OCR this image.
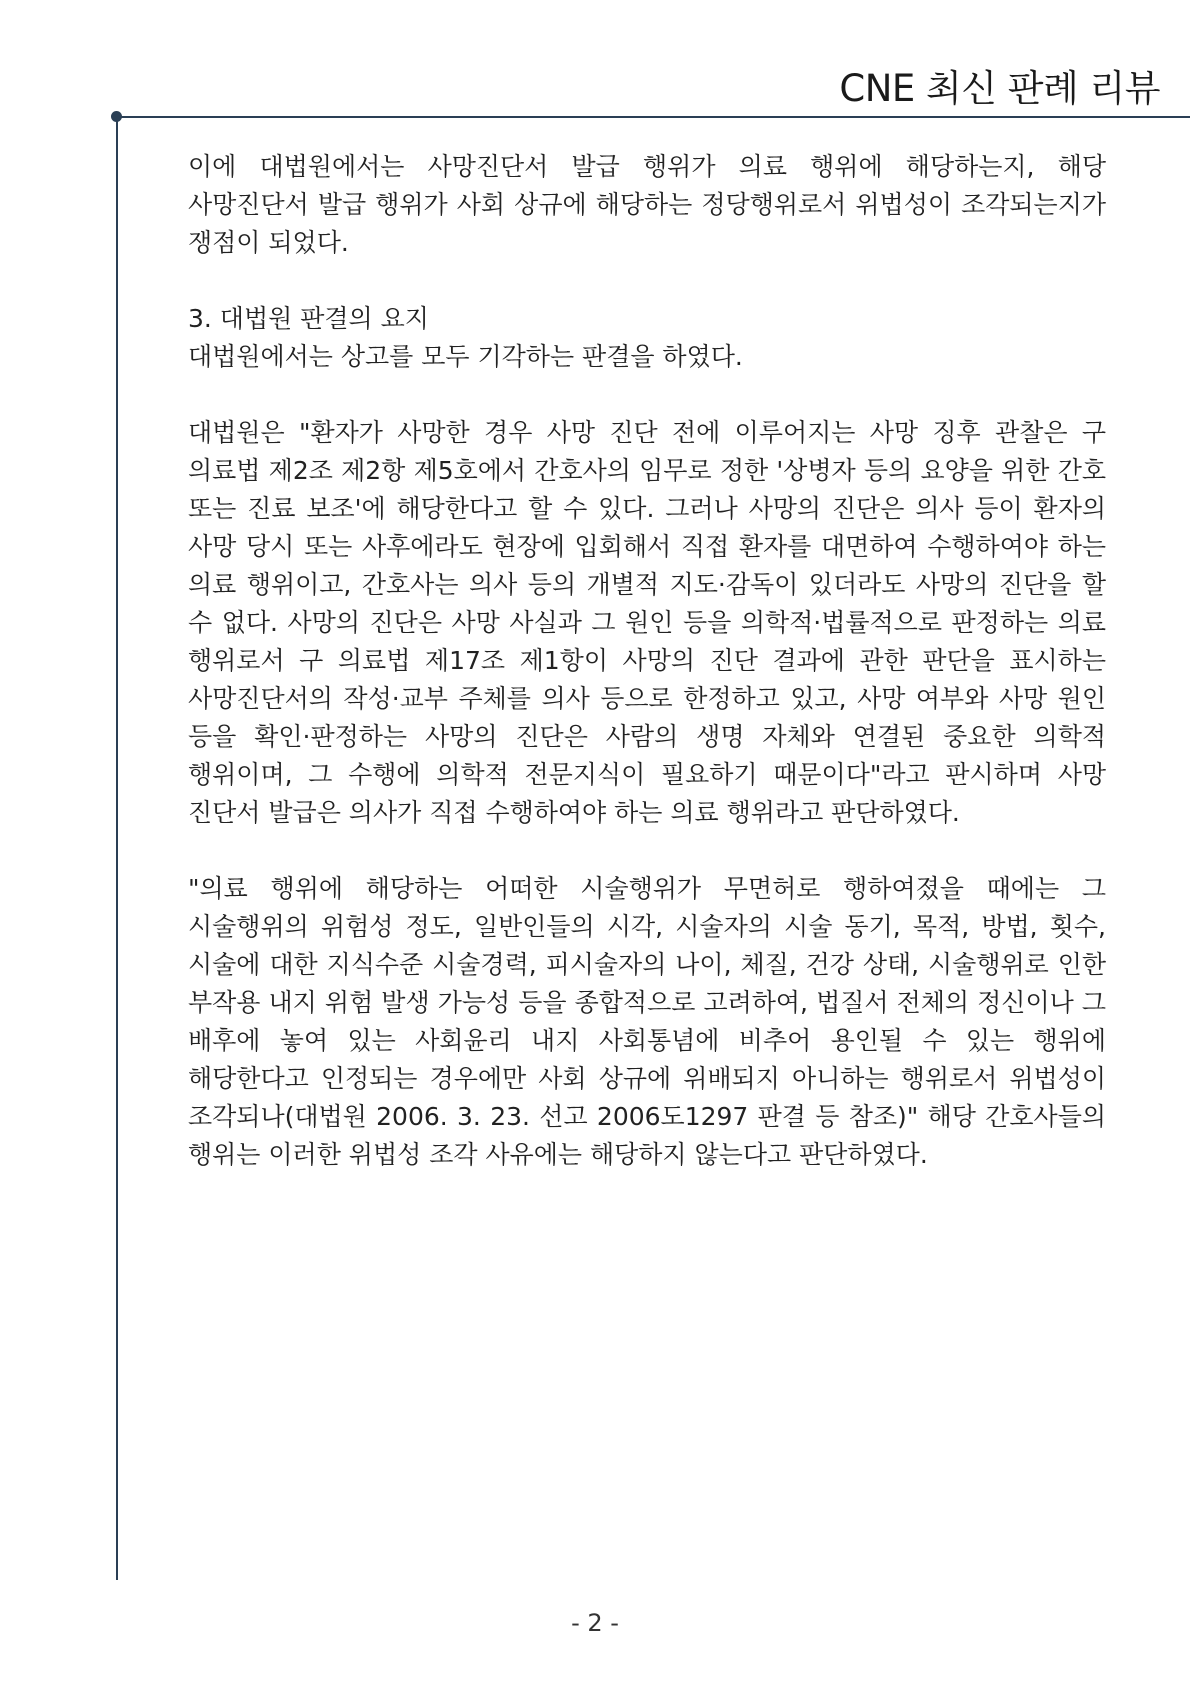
CNE 최신 판례 리뷰

이에 대법원에서는 사망진단서 발급 행위가 의료 행위에 해당하는지, 해당 사망진단서 발급 행위가 사회 상규에 해당하는 정당행위로서 위법성이 조각되는지가 쟁점이 되었다.

3. 대법원 판결의 요지

대법원에서는 상고를 모두 기각하는 판결을 하였다.

대법원은 "환자가 사망한 경우 사망 진단 전에 이루어지는 사망 징후 관찰은 구 의료법 제2조 제2항 제5호에서 간호사의 임무로 정한 '상병자 등의 요양을 위한 간호 또는 진료 보조'에 해당한다고 할 수 있다. 그러나 사망의 진단은 의사 등이 환자의 사망 당시 또는 사후에라도 현장에 입회해서 직접 환자를 대면하여 수행하여야 하는 의료 행위이고, 간호사는 의사 등의 개별적 지도·감독이 있더라도 사망의 진단을 할 수 없다. 사망의 진단은 사망 사실과 그 원인 등을 의학적·법률적으로 판정하는 의료 행위로서 구 의료법 제17조 제1항이 사망의 진단 결과에 관한 판단을 표시하는 사망진단서의 작성·교부 주체를 의사 등으로 한정하고 있고, 사망 여부와 사망 원인 등을 확인·판정하는 사망의 진단은 사람의 생명 자체와 연결된 중요한 의학적 행위이며, 그 수행에 의학적 전문지식이 필요하기 때문이다"라고 판시하며 사망 진단서 발급은 의사가 직접 수행하여야 하는 의료 행위라고 판단하였다.

"의료 행위에 해당하는 어떠한 시술행위가 무면허로 행하여졌을 때에는 그 시술행위의 위험성 정도, 일반인들의 시각, 시술자의 시술 동기, 목적, 방법, 횟수, 시술에 대한 지식수준 시술경력, 피시술자의 나이, 체질, 건강 상태, 시술행위로 인한 부작용 내지 위험 발생 가능성 등을 종합적으로 고려하여, 법질서 전체의 정신이나 그 배후에 놓여 있는 사회윤리 내지 사회통념에 비추어 용인될 수 있는 행위에 해당한다고 인정되는 경우에만 사회 상규에 위배되지 아니하는 행위로서 위법성이 조각되나(대법원 2006. 3. 23. 선고 2006도1297 판결 등 참조)" 해당 간호사들의 행위는 이러한 위법성 조각 사유에는 해당하지 않는다고 판단하였다.

- 2 -
